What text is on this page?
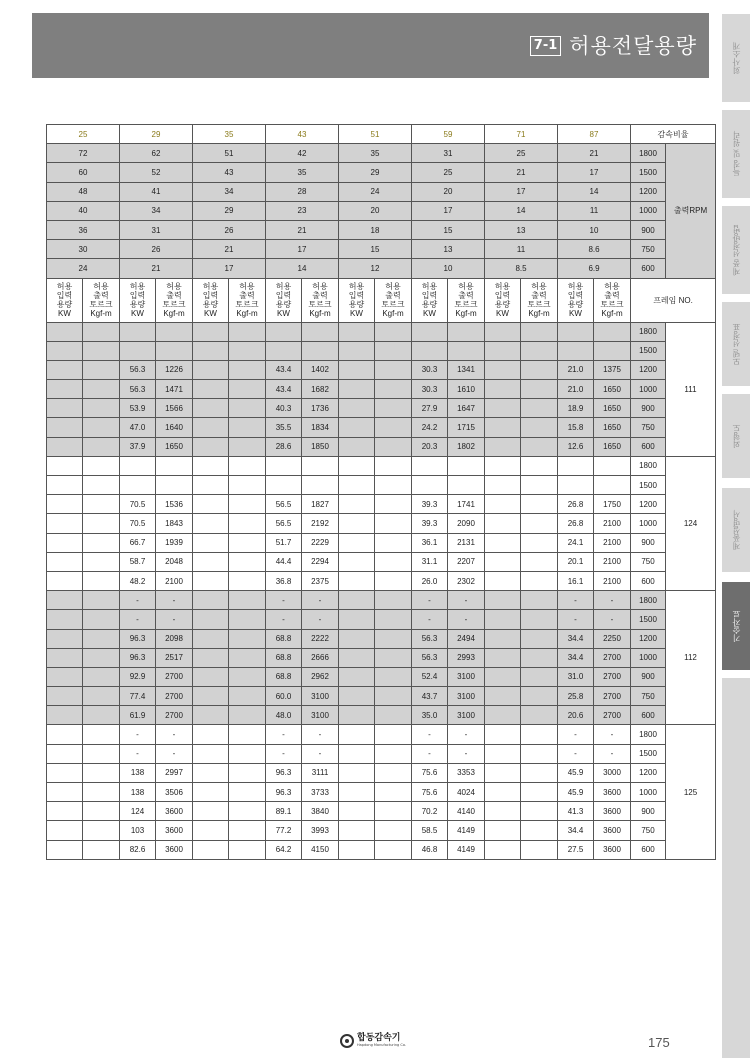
7-1 허용전달용량	회사소개
특징 및 원리
제품 선정방법
모델 선정표
외형도
제품설명서
기술자료
25		29		35		43		51		59		71		87		감속비율	
72		62		51		42		35		31		25		21		1800	출력RPM
60		52		43		35		29		25		21		17		1500	
48		41		34		28		24		20		17		14		1200	
40		34		29		23		20		17		14		11		1000	
36		31		26		21		18		15		13		10		900	
30		26		21		17		15		13		11		8.6		750	
24		21		17		14		12		10		8.5		6.9		600	
허용
입력
용량
KW	허용
출력
토르크
Kgf-m	허용
입력
용량
KW	허용
출력
토르크
Kgf-m	허용
입력
용량
KW	허용
출력
토르크
Kgf-m	허용
입력
용량
KW	허용
출력
토르크
Kgf-m	허용
입력
용량
KW	허용
출력
토르크
Kgf-m	허용
입력
용량
KW	허용
출력
토르크
Kgf-m	허용
입력
용량
KW	허용
출력
토르크
Kgf-m	허용
입력
용량
KW	허용
출력
토르크
Kgf-m	프레임 NO.	
																1800	111
																1500	
		56.3	1226			43.4	1402			30.3	1341			21.0	1375	1200	
		56.3	1471			43.4	1682			30.3	1610			21.0	1650	1000	
		53.9	1566			40.3	1736			27.9	1647			18.9	1650	900	
		47.0	1640			35.5	1834			24.2	1715			15.8	1650	750	
		37.9	1650			28.6	1850			20.3	1802			12.6	1650	600	
																1800	124
																1500	
		70.5	1536			56.5	1827			39.3	1741			26.8	1750	1200	
		70.5	1843			56.5	2192			39.3	2090			26.8	2100	1000	
		66.7	1939			51.7	2229			36.1	2131			24.1	2100	900	
		58.7	2048			44.4	2294			31.1	2207			20.1	2100	750	
		48.2	2100			36.8	2375			26.0	2302			16.1	2100	600	
		-	-			-	-			-	-			-	-	1800	112
		-	-			-	-			-	-			-	-	1500	
		96.3	2098			68.8	2222			56.3	2494			34.4	2250	1200	
		96.3	2517			68.8	2666			56.3	2993			34.4	2700	1000	
		92.9	2700			68.8	2962			52.4	3100			31.0	2700	900	
		77.4	2700			60.0	3100			43.7	3100			25.8	2700	750	
		61.9	2700			48.0	3100			35.0	3100			20.6	2700	600	
		-	-			-	-			-	-			-	-	1800	125
		-	-			-	-			-	-			-	-	1500	
		138	2997			96.3	3111			75.6	3353			45.9	3000	1200	
		138	3506			96.3	3733			75.6	4024			45.9	3600	1000	
		124	3600			89.1	3840			70.2	4140			41.3	3600	900	
		103	3600			77.2	3993			58.5	4149			34.4	3600	750	
		82.6	3600			64.2	4150			46.8	4149			27.5	3600	600	
합동감속기
Hapdong Manufacturing Co.	175
